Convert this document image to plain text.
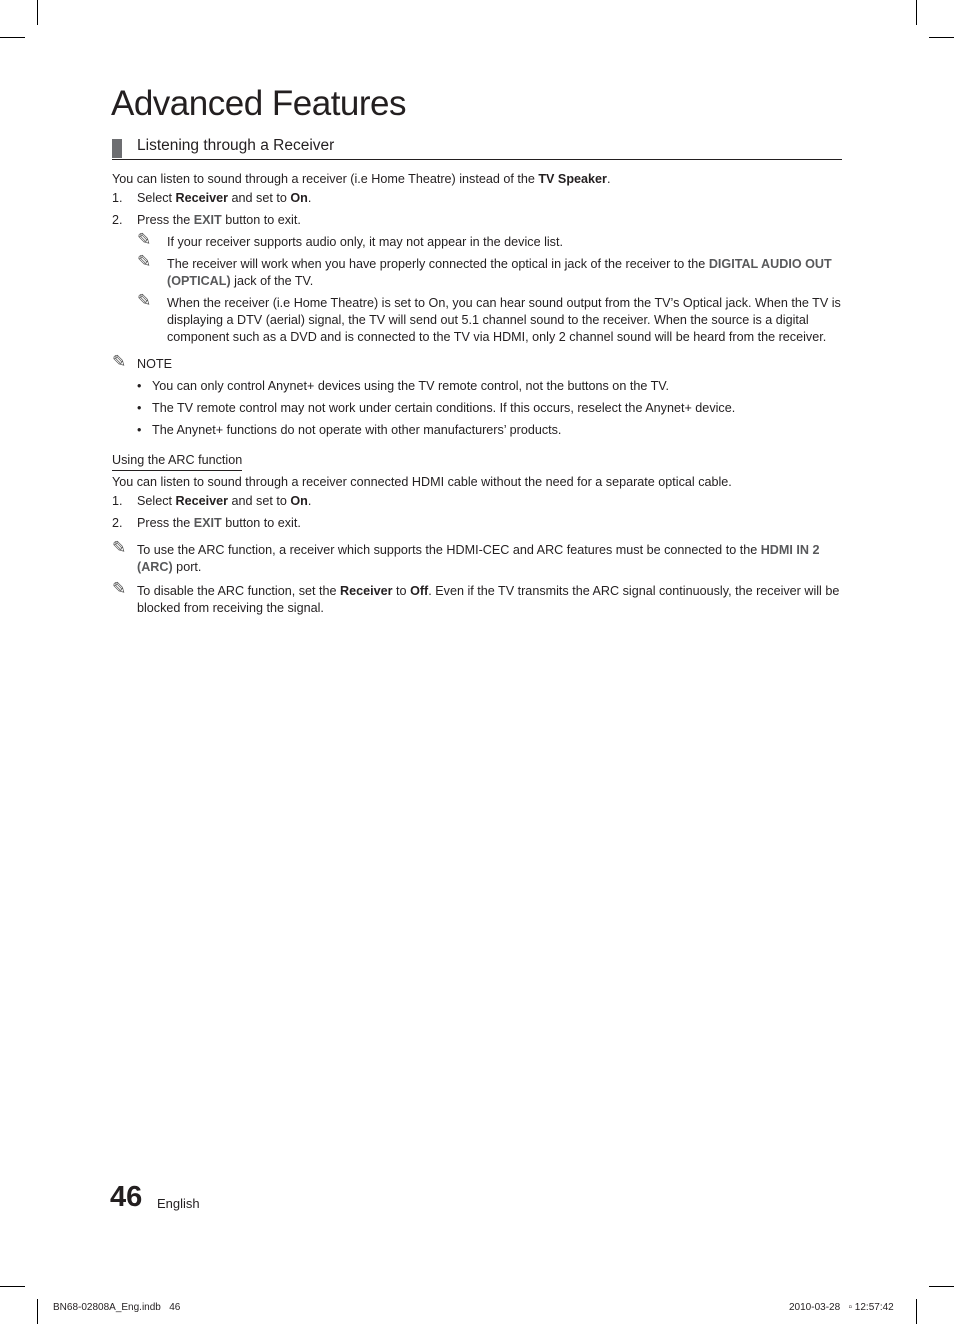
Advanced Features
Listening through a Receiver
You can listen to sound through a receiver (i.e Home Theatre) instead of the TV Speaker.
1. Select Receiver and set to On.
2. Press the EXIT button to exit.
✎ If your receiver supports audio only, it may not appear in the device list.
✎ The receiver will work when you have properly connected the optical in jack of the receiver to the DIGITAL AUDIO OUT (OPTICAL) jack of the TV.
✎ When the receiver (i.e Home Theatre) is set to On, you can hear sound output from the TV’s Optical jack. When the TV is displaying a DTV (aerial) signal, the TV will send out 5.1 channel sound to the receiver. When the source is a digital component such as a DVD and is connected to the TV via HDMI, only 2 channel sound will be heard from the receiver.
✎ NOTE
• You can only control Anynet+ devices using the TV remote control, not the buttons on the TV.
• The TV remote control may not work under certain conditions. If this occurs, reselect the Anynet+ device.
• The Anynet+ functions do not operate with other manufacturers’ products.
Using the ARC function
You can listen to sound through a receiver connected HDMI cable without the need for a separate optical cable.
1. Select Receiver and set to On.
2. Press the EXIT button to exit.
✎ To use the ARC function, a receiver which supports the HDMI-CEC and ARC features must be connected to the HDMI IN 2 (ARC) port.
✎ To disable the ARC function, set the Receiver to Off. Even if the TV transmits the ARC signal continuously, the receiver will be blocked from receiving the signal.
46 English
BN68-02808A_Eng.indb   46	2010-03-28   ▫ 12:57:42
